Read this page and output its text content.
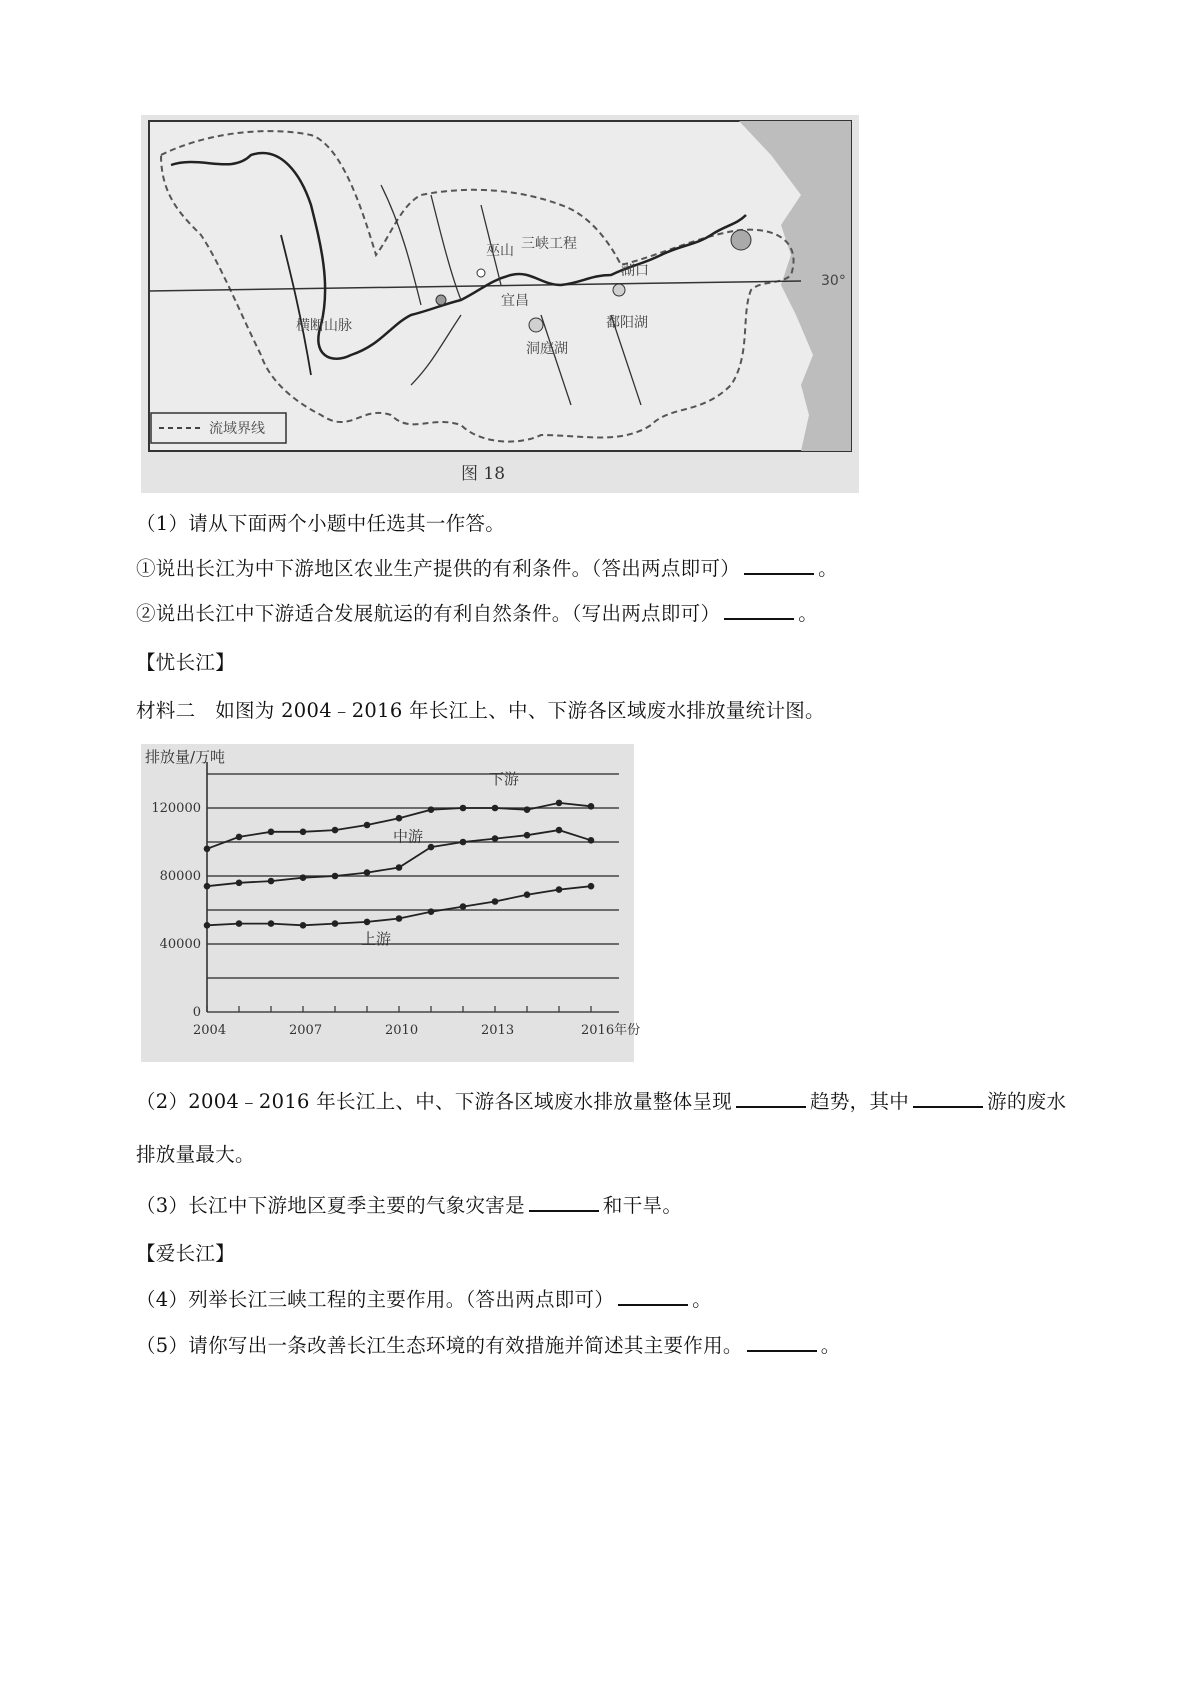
30°
横断山脉
巫山 三峡工程
宜昌
湖口
洞庭湖
鄱阳湖
流域界线
图 18
（1）请从下面两个小题中任选其一作答。
①说出长江为中下游地区农业生产提供的有利条件。（答出两点即可）	。
②说出长江中下游适合发展航运的有利自然条件。（写出两点即可）	。
【忧长江】
材料二　如图为 2004﹣2016 年长江上、中、下游各区域废水排放量统计图。
0
40000
80000
120000
2004	2007	2010	2013	2016年份
排放量/万吨
下游
中游
上游
（2）2004﹣2016 年长江上、中、下游各区域废水排放量整体呈现	趋势，其中	游的废水
排放量最大。
（3）长江中下游地区夏季主要的气象灾害是	和干旱。
【爱长江】
（4）列举长江三峡工程的主要作用。（答出两点即可）	。
（5）请你写出一条改善长江生态环境的有效措施并简述其主要作用。	。
